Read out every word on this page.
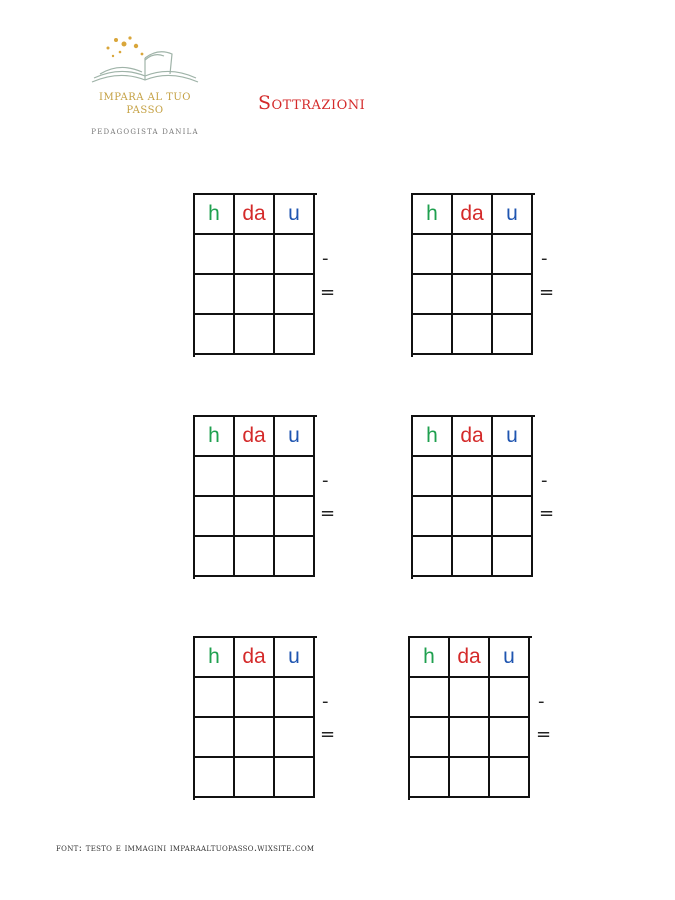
IMPARA AL TUO
PASSO
PEDAGOGISTA DANILA
Sottrazioni
h	da	u
-
=
h	da	u
-
=
h	da	u
-
=
h	da	u
-
=
h	da	u
-
=
h	da	u
-
=
font: testo e immagini imparaaltuopasso.wixsite.com
